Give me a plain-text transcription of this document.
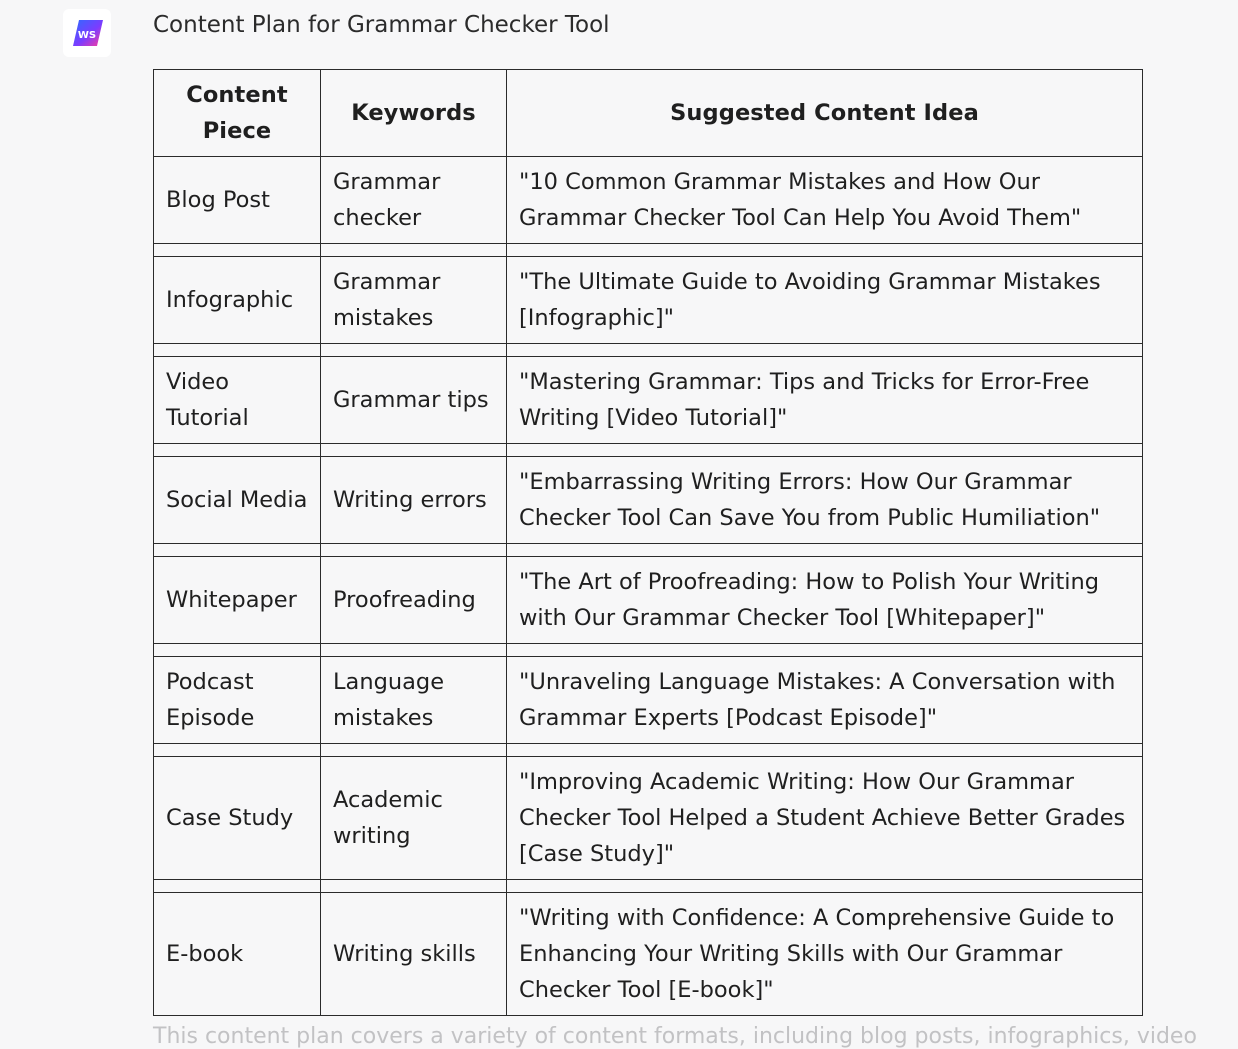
WS Content Plan for Grammar Checker Tool
Content Piece	Keywords	Suggested Content Idea
Blog Post	Grammar checker	"10 Common Grammar Mistakes and How Our Grammar Checker Tool Can Help You Avoid Them"

Infographic	Grammar mistakes	"The Ultimate Guide to Avoiding Grammar Mistakes [Infographic]"

Video Tutorial	Grammar tips	"Mastering Grammar: Tips and Tricks for Error-Free Writing [Video Tutorial]"

Social Media	Writing errors	"Embarrassing Writing Errors: How Our Grammar Checker Tool Can Save You from Public Humiliation"

Whitepaper	Proofreading	"The Art of Proofreading: How to Polish Your Writing with Our Grammar Checker Tool [Whitepaper]"

Podcast Episode	Language mistakes	"Unraveling Language Mistakes: A Conversation with Grammar Experts [Podcast Episode]"

Case Study	Academic writing	"Improving Academic Writing: How Our Grammar Checker Tool Helped a Student Achieve Better Grades [Case Study]"

E-book	Writing skills	"Writing with Confidence: A Comprehensive Guide to Enhancing Your Writing Skills with Our Grammar Checker Tool [E-book]"
This content plan covers a variety of content formats, including blog posts, infographics, video
